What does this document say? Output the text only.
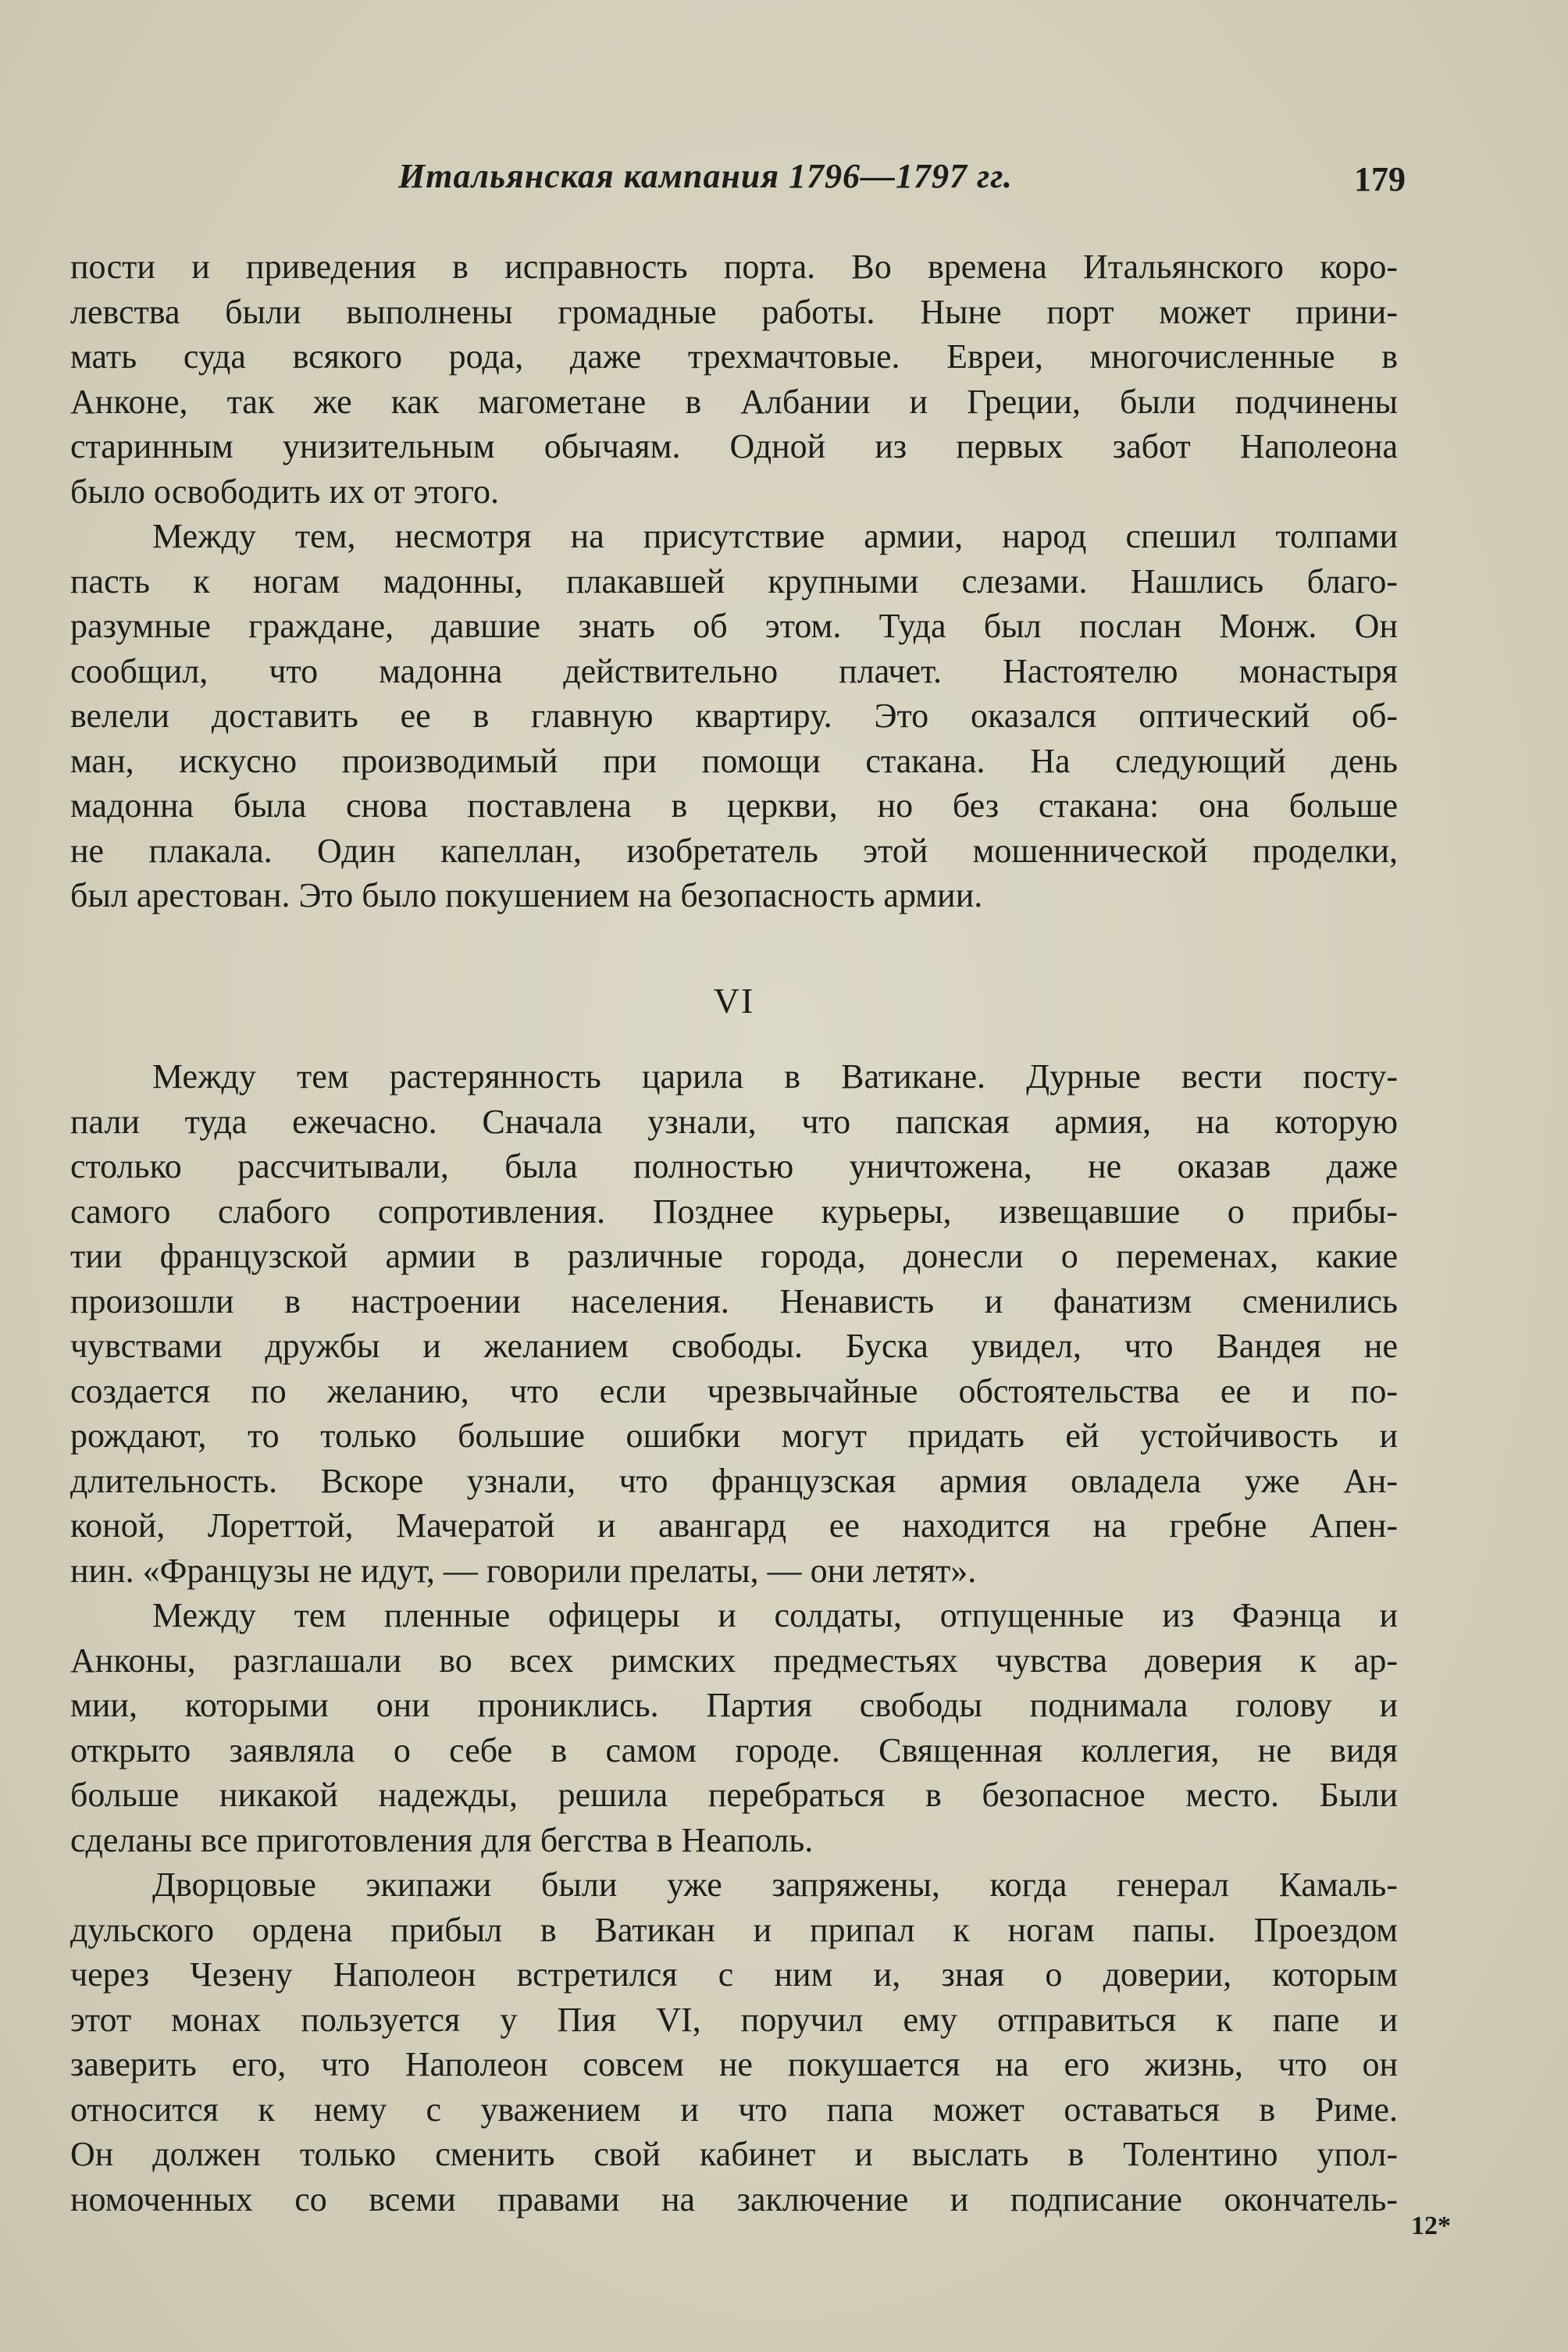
Итальянская кампания 1796—1797 гг.	179
пости и приведения в исправность порта. Во времена Итальянского коро-
левства были выполнены громадные работы. Ныне порт может прини-
мать суда всякого рода, даже трехмачтовые. Евреи, многочисленные в
Анконе, так же как магометане в Албании и Греции, были подчинены
старинным унизительным обычаям. Одной из первых забот Наполеона
было освободить их от этого.
Между тем, несмотря на присутствие армии, народ спешил толпами
пасть к ногам мадонны, плакавшей крупными слезами. Нашлись благо-
разумные граждане, давшие знать об этом. Туда был послан Монж. Он
сообщил, что мадонна действительно плачет. Настоятелю монастыря
велели доставить ее в главную квартиру. Это оказался оптический об-
ман, искусно производимый при помощи стакана. На следующий день
мадонна была снова поставлена в церкви, но без стакана: она больше
не плакала. Один капеллан, изобретатель этой мошеннической проделки,
был арестован. Это было покушением на безопасность армии.
VI
Между тем растерянность царила в Ватикане. Дурные вести посту-
пали туда ежечасно. Сначала узнали, что папская армия, на которую
столько рассчитывали, была полностью уничтожена, не оказав даже
самого слабого сопротивления. Позднее курьеры, извещавшие о прибы-
тии французской армии в различные города, донесли о переменах, какие
произошли в настроении населения. Ненависть и фанатизм сменились
чувствами дружбы и желанием свободы. Буска увидел, что Вандея не
создается по желанию, что если чрезвычайные обстоятельства ее и по-
рождают, то только большие ошибки могут придать ей устойчивость и
длительность. Вскоре узнали, что французская армия овладела уже Ан-
коной, Лореттой, Мачератой и авангард ее находится на гребне Апен-
нин. «Французы не идут, — говорили прелаты, — они летят».
Между тем пленные офицеры и солдаты, отпущенные из Фаэнца и
Анконы, разглашали во всех римских предместьях чувства доверия к ар-
мии, которыми они прониклись. Партия свободы поднимала голову и
открыто заявляла о себе в самом городе. Священная коллегия, не видя
больше никакой надежды, решила перебраться в безопасное место. Были
сделаны все приготовления для бегства в Неаполь.
Дворцовые экипажи были уже запряжены, когда генерал Камаль-
дульского ордена прибыл в Ватикан и припал к ногам папы. Проездом
через Чезену Наполеон встретился с ним и, зная о доверии, которым
этот монах пользуется у Пия VI, поручил ему отправиться к папе и
заверить его, что Наполеон совсем не покушается на его жизнь, что он
относится к нему с уважением и что папа может оставаться в Риме.
Он должен только сменить свой кабинет и выслать в Толентино упол-
номоченных со всеми правами на заключение и подписание окончатель-
12*
